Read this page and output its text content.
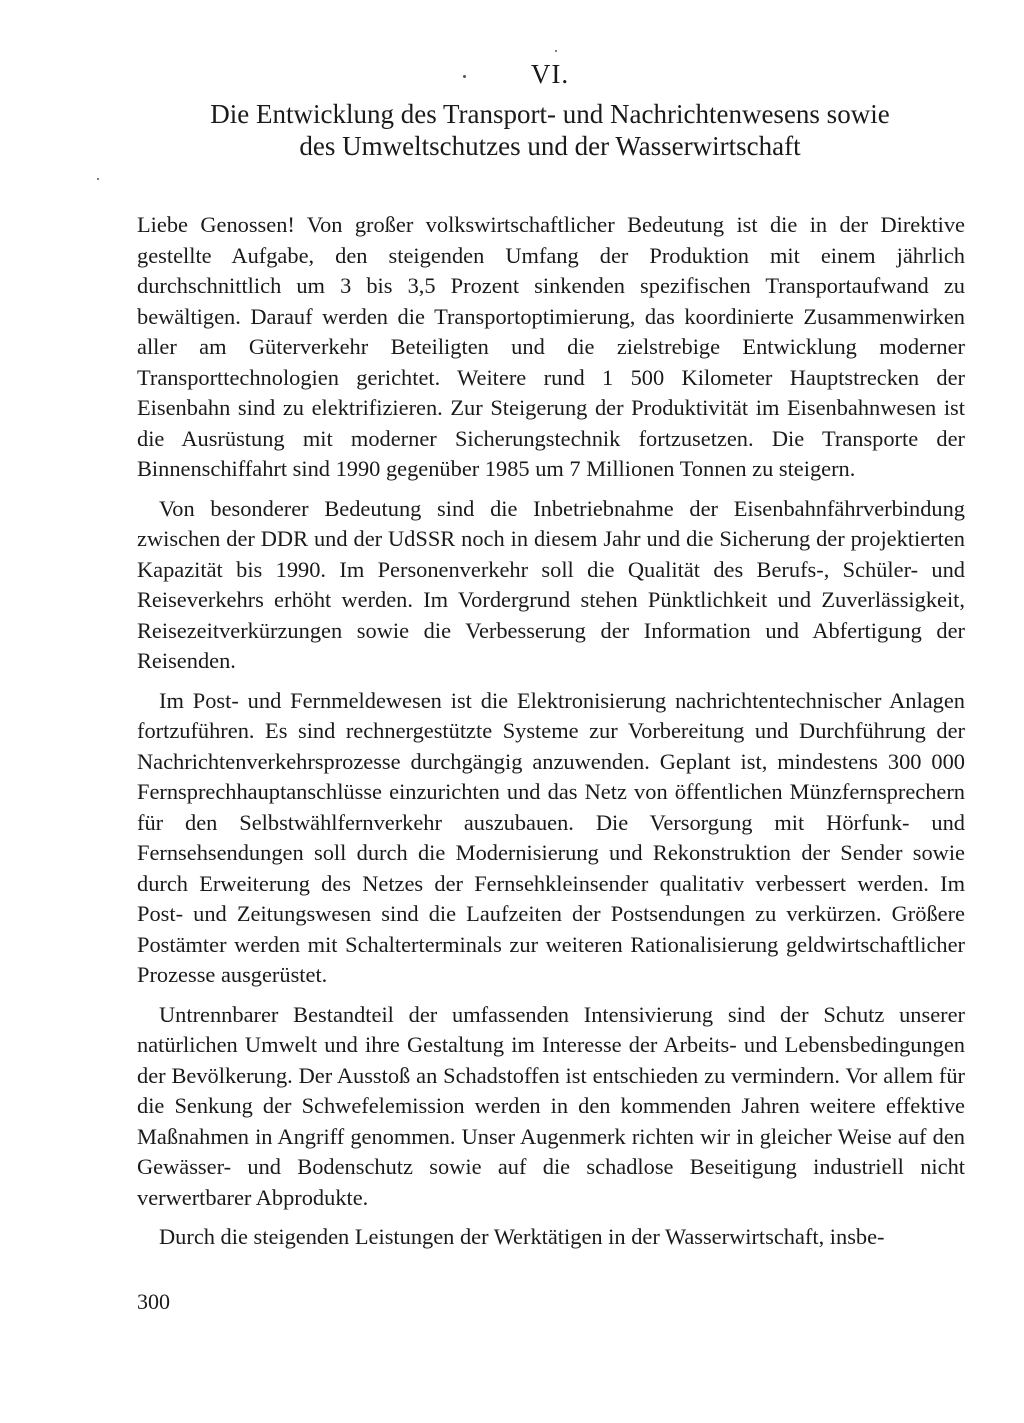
VI.
Die Entwicklung des Transport- und Nachrichtenwesens sowie
des Umweltschutzes und der Wasserwirtschaft

Liebe Genossen! Von großer volkswirtschaftlicher Bedeutung ist die in der Direktive gestellte Aufgabe, den steigenden Umfang der Produktion mit einem jährlich durchschnittlich um 3 bis 3,5 Prozent sinkenden spezifischen Transportaufwand zu bewältigen. Darauf werden die Transportoptimierung, das koordinierte Zusammenwirken aller am Güterverkehr Beteiligten und die zielstrebige Entwicklung moderner Transporttechnologien gerichtet. Weitere rund 1 500 Kilometer Hauptstrecken der Eisenbahn sind zu elektrifizieren. Zur Steigerung der Produktivität im Eisenbahnwesen ist die Ausrüstung mit moderner Sicherungstechnik fortzusetzen. Die Transporte der Binnenschiffahrt sind 1990 gegenüber 1985 um 7 Millionen Tonnen zu steigern.

Von besonderer Bedeutung sind die Inbetriebnahme der Eisenbahnfährverbindung zwischen der DDR und der UdSSR noch in diesem Jahr und die Sicherung der projektierten Kapazität bis 1990. Im Personenverkehr soll die Qualität des Berufs-, Schüler- und Reiseverkehrs erhöht werden. Im Vordergrund stehen Pünktlichkeit und Zuverlässigkeit, Reisezeitverkürzungen sowie die Verbesserung der Information und Abfertigung der Reisenden.

Im Post- und Fernmeldewesen ist die Elektronisierung nachrichtentechnischer Anlagen fortzuführen. Es sind rechnergestützte Systeme zur Vorbereitung und Durchführung der Nachrichtenverkehrsprozesse durchgängig anzuwenden. Geplant ist, mindestens 300 000 Fernsprechhauptanschlüsse einzurichten und das Netz von öffentlichen Münzfernsprechern für den Selbstwählfernverkehr auszubauen. Die Versorgung mit Hörfunk- und Fernsehsendungen soll durch die Modernisierung und Rekonstruktion der Sender sowie durch Erweiterung des Netzes der Fernsehkleinsender qualitativ verbessert werden. Im Post- und Zeitungswesen sind die Laufzeiten der Postsendungen zu verkürzen. Größere Postämter werden mit Schalterterminals zur weiteren Rationalisierung geldwirtschaftlicher Prozesse ausgerüstet.

Untrennbarer Bestandteil der umfassenden Intensivierung sind der Schutz unserer natürlichen Umwelt und ihre Gestaltung im Interesse der Arbeits- und Lebensbedingungen der Bevölkerung. Der Ausstoß an Schadstoffen ist entschieden zu vermindern. Vor allem für die Senkung der Schwefelemission werden in den kommenden Jahren weitere effektive Maßnahmen in Angriff genommen. Unser Augenmerk richten wir in gleicher Weise auf den Gewässer- und Bodenschutz sowie auf die schadlose Beseitigung industriell nicht verwertbarer Abprodukte.

Durch die steigenden Leistungen der Werktätigen in der Wasserwirtschaft, insbe-

300
